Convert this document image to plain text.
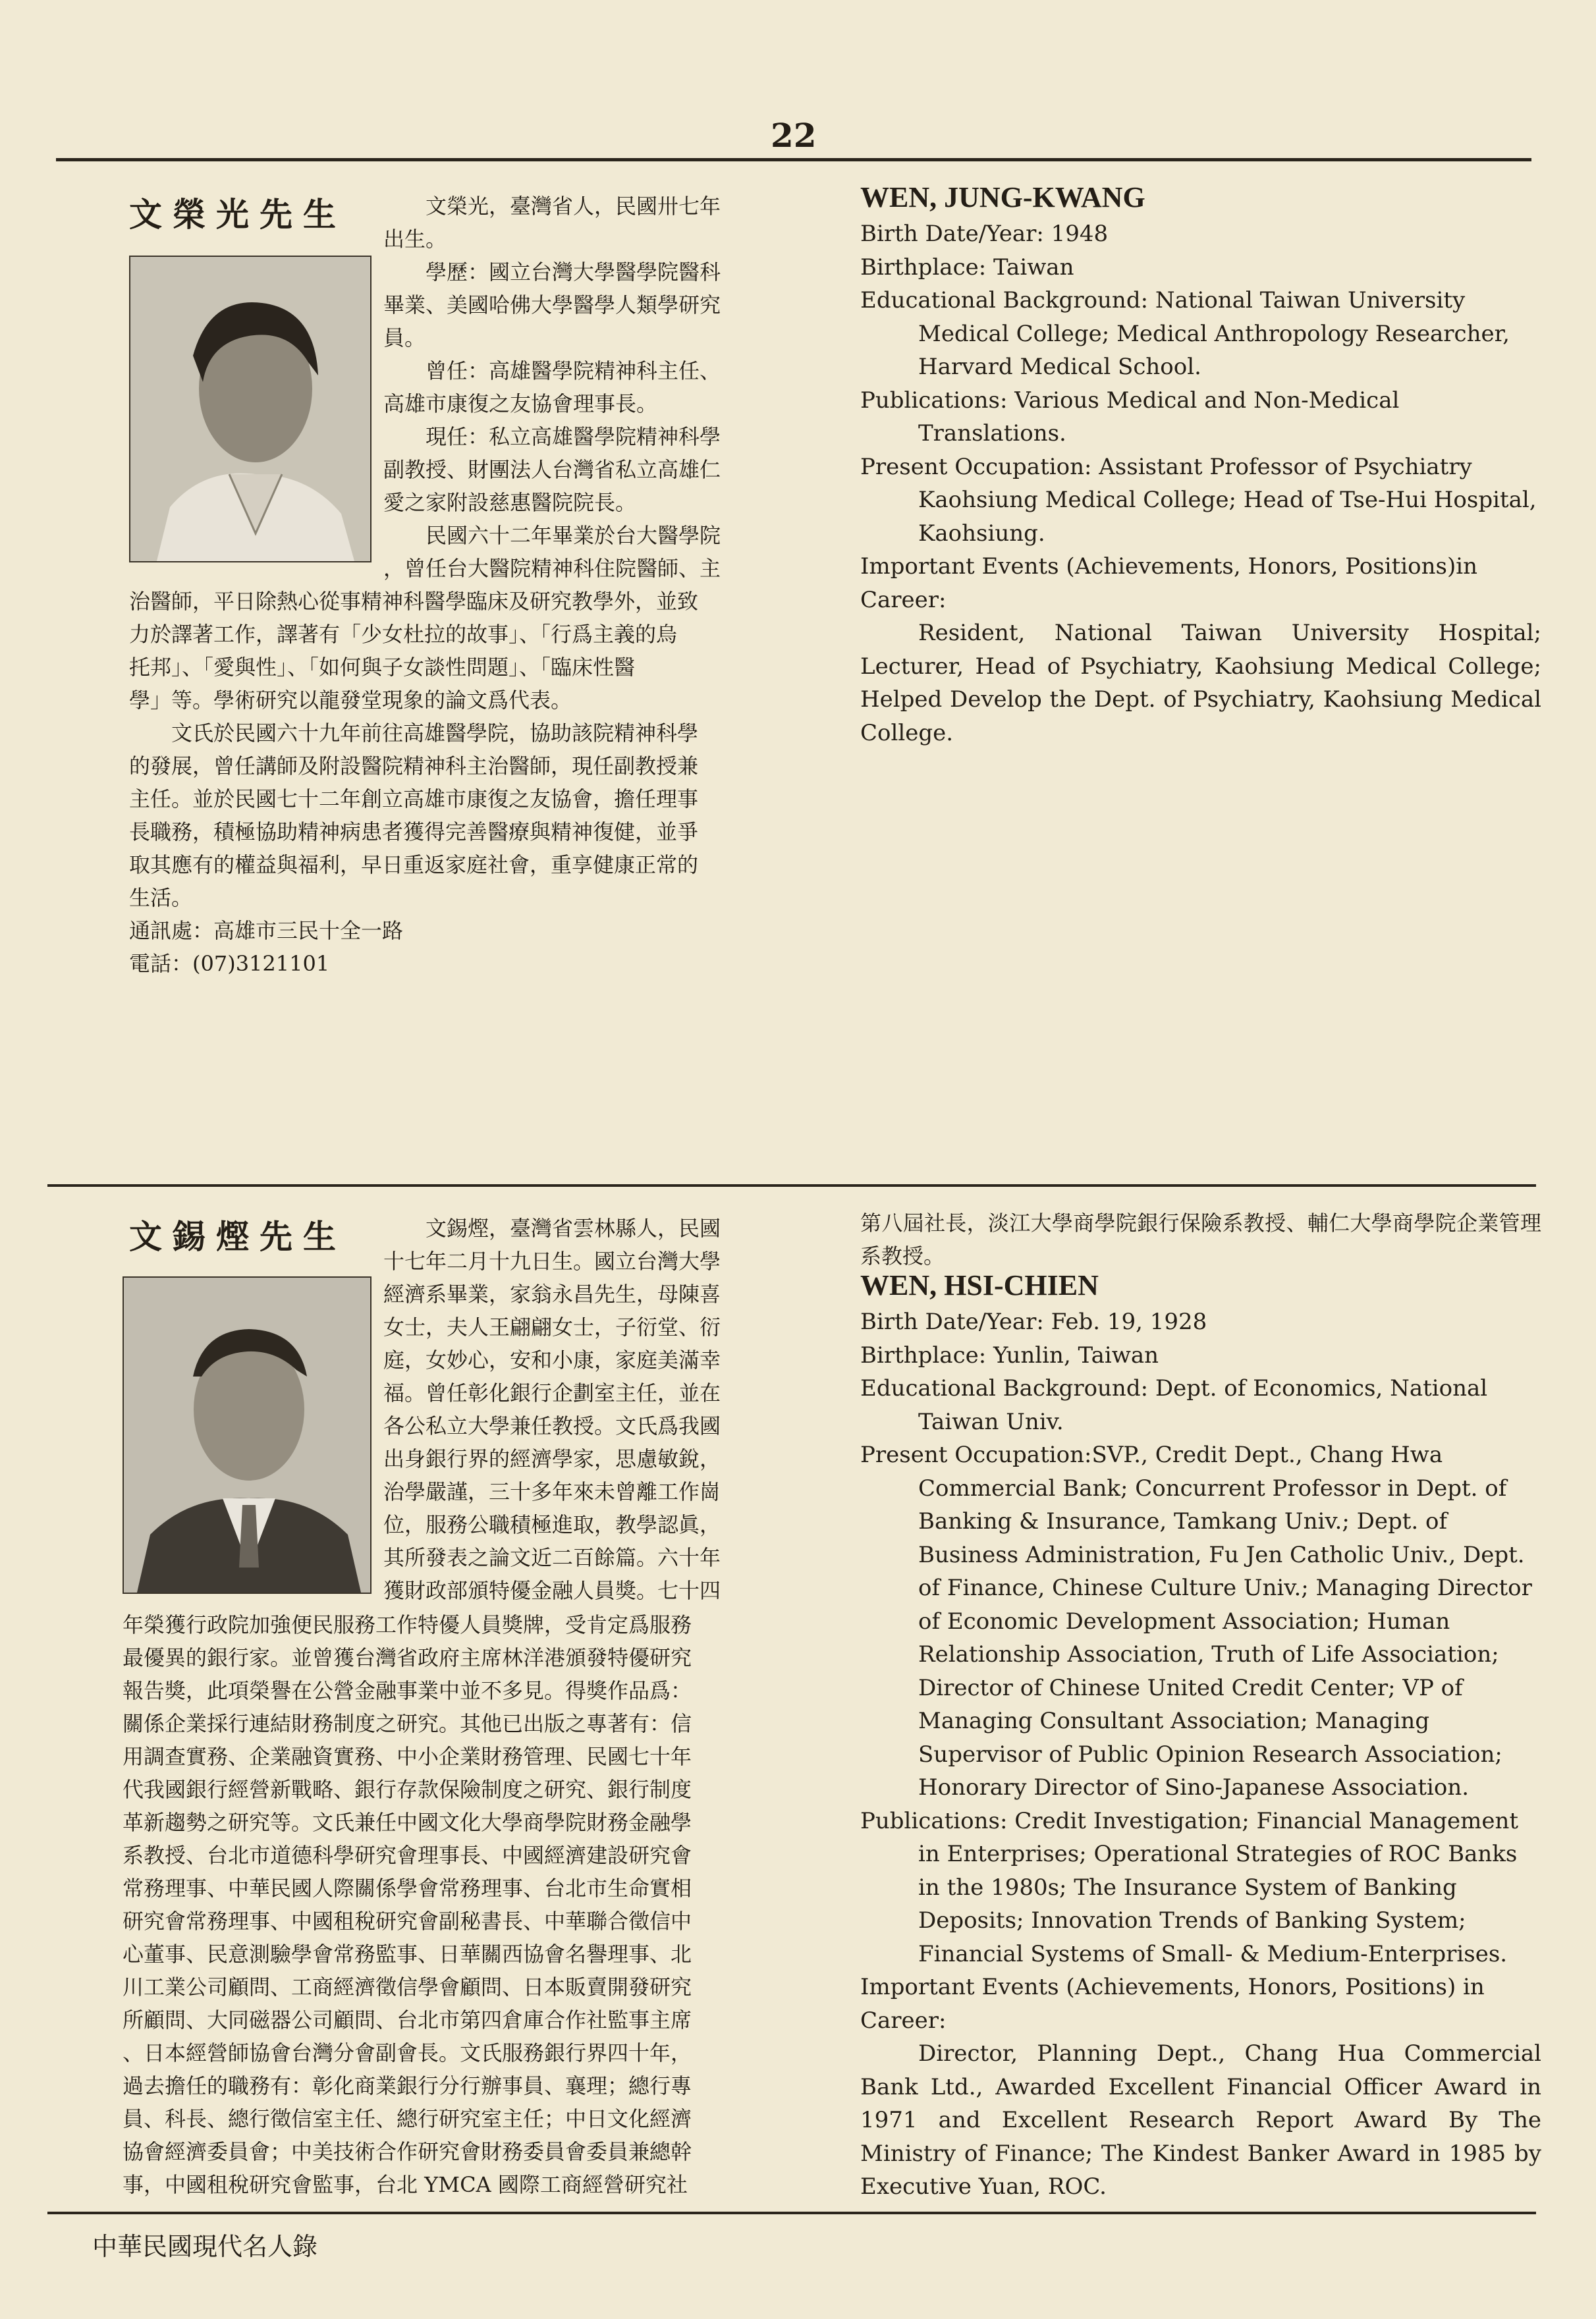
22
文榮光先生	文榮光，臺灣省人，民國卅七年

出生。

學歷：國立台灣大學醫學院醫科

畢業、美國哈佛大學醫學人類學研究

員。

曾任：高雄醫學院精神科主任、

高雄市康復之友協會理事長。

現任：私立高雄醫學院精神科學

副教授、財團法人台灣省私立高雄仁

愛之家附設慈惠醫院院長。

民國六十二年畢業於台大醫學院

，曾任台大醫院精神科住院醫師、主

治醫師，平日除熱心從事精神科醫學臨床及研究教學外，並致

力於譯著工作，譯著有「少女杜拉的故事」、「行爲主義的烏

托邦」、「愛與性」、「如何與子女談性問題」、「臨床性醫

學」等。學術研究以龍發堂現象的論文爲代表。

文氏於民國六十九年前往高雄醫學院，協助該院精神科學

的發展，曾任講師及附設醫院精神科主治醫師，現任副教授兼

主任。並於民國七十二年創立高雄市康復之友協會，擔任理事

長職務，積極協助精神病患者獲得完善醫療與精神復健，並爭

取其應有的權益與福利，早日重返家庭社會，重享健康正常的

生活。

通訊處：高雄市三民十全一路

電話：(07)3121101

WEN, JUNG-KWANG

Birth Date/Year: 1948

Birthplace: Taiwan

Educational Background: National Taiwan University Medical College; Medical Anthropology Researcher, Harvard Medical School.

Publications: Various Medical and Non-Medical Translations.

Present Occupation: Assistant Professor of Psychiatry Kaohsiung Medical College; Head of Tse-Hui Hospital, Kaohsiung.

Important Events (Achievements, Honors, Positions)in Career:

Resident, National Taiwan University Hospital; Lecturer, Head of Psychiatry, Kaohsiung Medical College; Helped Develop the Dept. of Psychiatry, Kaohsiung Medical College.

文錫熞先生	文錫熞，臺灣省雲林縣人，民國

十七年二月十九日生。國立台灣大學

經濟系畢業，家翁永昌先生，母陳喜

女士，夫人王翩翩女士，子衍堂、衍

庭，女妙心，安和小康，家庭美滿幸

福。曾任彰化銀行企劃室主任，並在

各公私立大學兼任教授。文氏爲我國

出身銀行界的經濟學家，思慮敏銳，

治學嚴謹，三十多年來未曾離工作崗

位，服務公職積極進取，教學認眞，

其所發表之論文近二百餘篇。六十年

獲財政部頒特優金融人員獎。七十四

年榮獲行政院加強便民服務工作特優人員獎牌，受肯定爲服務

最優異的銀行家。並曾獲台灣省政府主席林洋港頒發特優研究

報告獎，此項榮譽在公營金融事業中並不多見。得獎作品爲：

關係企業採行連結財務制度之研究。其他已出版之專著有：信

用調查實務、企業融資實務、中小企業財務管理、民國七十年

代我國銀行經營新戰略、銀行存款保險制度之研究、銀行制度

革新趨勢之研究等。文氏兼任中國文化大學商學院財務金融學

系教授、台北市道德科學研究會理事長、中國經濟建設研究會

常務理事、中華民國人際關係學會常務理事、台北市生命實相

研究會常務理事、中國租稅研究會副秘書長、中華聯合徵信中

心董事、民意測驗學會常務監事、日華關西協會名譽理事、北

川工業公司顧問、工商經濟徵信學會顧問、日本販賣開發研究

所顧問、大同磁器公司顧問、台北市第四倉庫合作社監事主席

、日本經營師協會台灣分會副會長。文氏服務銀行界四十年，

過去擔任的職務有：彰化商業銀行分行辦事員、襄理；總行專

員、科長、總行徵信室主任、總行研究室主任；中日文化經濟

協會經濟委員會；中美技術合作研究會財務委員會委員兼總幹

事，中國租稅研究會監事，台北 YMCA 國際工商經營研究社

第八屆社長，淡江大學商學院銀行保險系教授、輔仁大學商學院企業管理系教授。

WEN, HSI-CHIEN

Birth Date/Year: Feb. 19, 1928

Birthplace: Yunlin, Taiwan

Educational Background: Dept. of Economics, National Taiwan Univ.

Present Occupation:SVP., Credit Dept., Chang Hwa Commercial Bank; Concurrent Professor in Dept. of Banking & Insurance, Tamkang Univ.; Dept. of Business Administration, Fu Jen Catholic Univ., Dept. of Finance, Chinese Culture Univ.; Managing Director of Economic Development Association; Human Relationship Association, Truth of Life Association; Director of Chinese United Credit Center; VP of Managing Consultant Association; Managing Supervisor of Public Opinion Research Association; Honorary Director of Sino-Japanese Association.

Publications: Credit Investigation; Financial Management in Enterprises; Operational Strategies of ROC Banks in the 1980s; The Insurance System of Banking Deposits; Innovation Trends of Banking System; Financial Systems of Small- & Medium-Enterprises.

Important Events (Achievements, Honors, Positions) in Career:

Director, Planning Dept., Chang Hua Commercial Bank Ltd., Awarded Excellent Financial Officer Award in 1971 and Excellent Research Report Award By The Ministry of Finance; The Kindest Banker Award in 1985 by Executive Yuan, ROC.

中華民國現代名人錄
